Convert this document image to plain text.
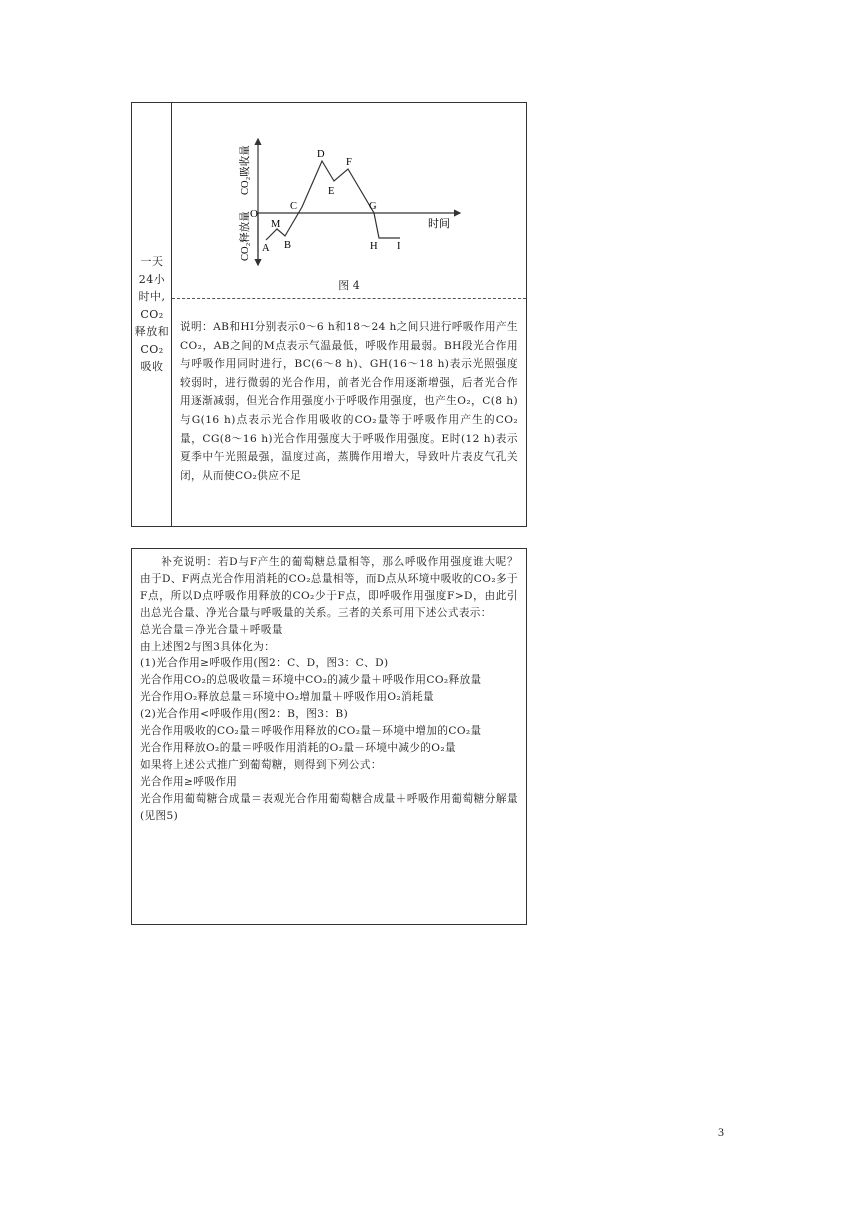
一天
24小
时中,
CO₂
释放和
CO₂
吸收
CO₂吸收量
CO₂释放量	时间
O
A
M
B
C
D
E
F
G
H I
图 4
说明：AB和HI分别表示0～6 h和18～24 h之间只进行呼吸作用产生CO₂，AB之间的M点表示气温最低，呼吸作用最弱。BH段光合作用与呼吸作用同时进行，BC(6～8 h)、GH(16～18 h)表示光照强度较弱时，进行微弱的光合作用，前者光合作用逐渐增强，后者光合作用逐渐减弱，但光合作用强度小于呼吸作用强度，也产生O₂，C(8 h)与G(16 h)点表示光合作用吸收的CO₂量等于呼吸作用产生的CO₂量，CG(8～16 h)光合作用强度大于呼吸作用强度。E时(12 h)表示夏季中午光照最强，温度过高，蒸腾作用增大，导致叶片表皮气孔关闭，从而使CO₂供应不足

补充说明：若D与F产生的葡萄糖总量相等，那么呼吸作用强度谁大呢？由于D、F两点光合作用消耗的CO₂总量相等，而D点从环境中吸收的CO₂多于F点，所以D点呼吸作用释放的CO₂少于F点，即呼吸作用强度F>D，由此引出总光合量、净光合量与呼吸量的关系。三者的关系可用下述公式表示：

总光合量＝净光合量＋呼吸量

由上述图2与图3具体化为：

(1)光合作用≥呼吸作用(图2：C、D，图3：C、D)

光合作用CO₂的总吸收量＝环境中CO₂的减少量＋呼吸作用CO₂释放量

光合作用O₂释放总量＝环境中O₂增加量＋呼吸作用O₂消耗量

(2)光合作用<呼吸作用(图2：B，图3：B)

光合作用吸收的CO₂量＝呼吸作用释放的CO₂量－环境中增加的CO₂量

光合作用释放O₂的量＝呼吸作用消耗的O₂量－环境中减少的O₂量

如果将上述公式推广到葡萄糖，则得到下列公式：

光合作用≥呼吸作用

光合作用葡萄糖合成量＝表观光合作用葡萄糖合成量＋呼吸作用葡萄糖分解量(见图5)

3
